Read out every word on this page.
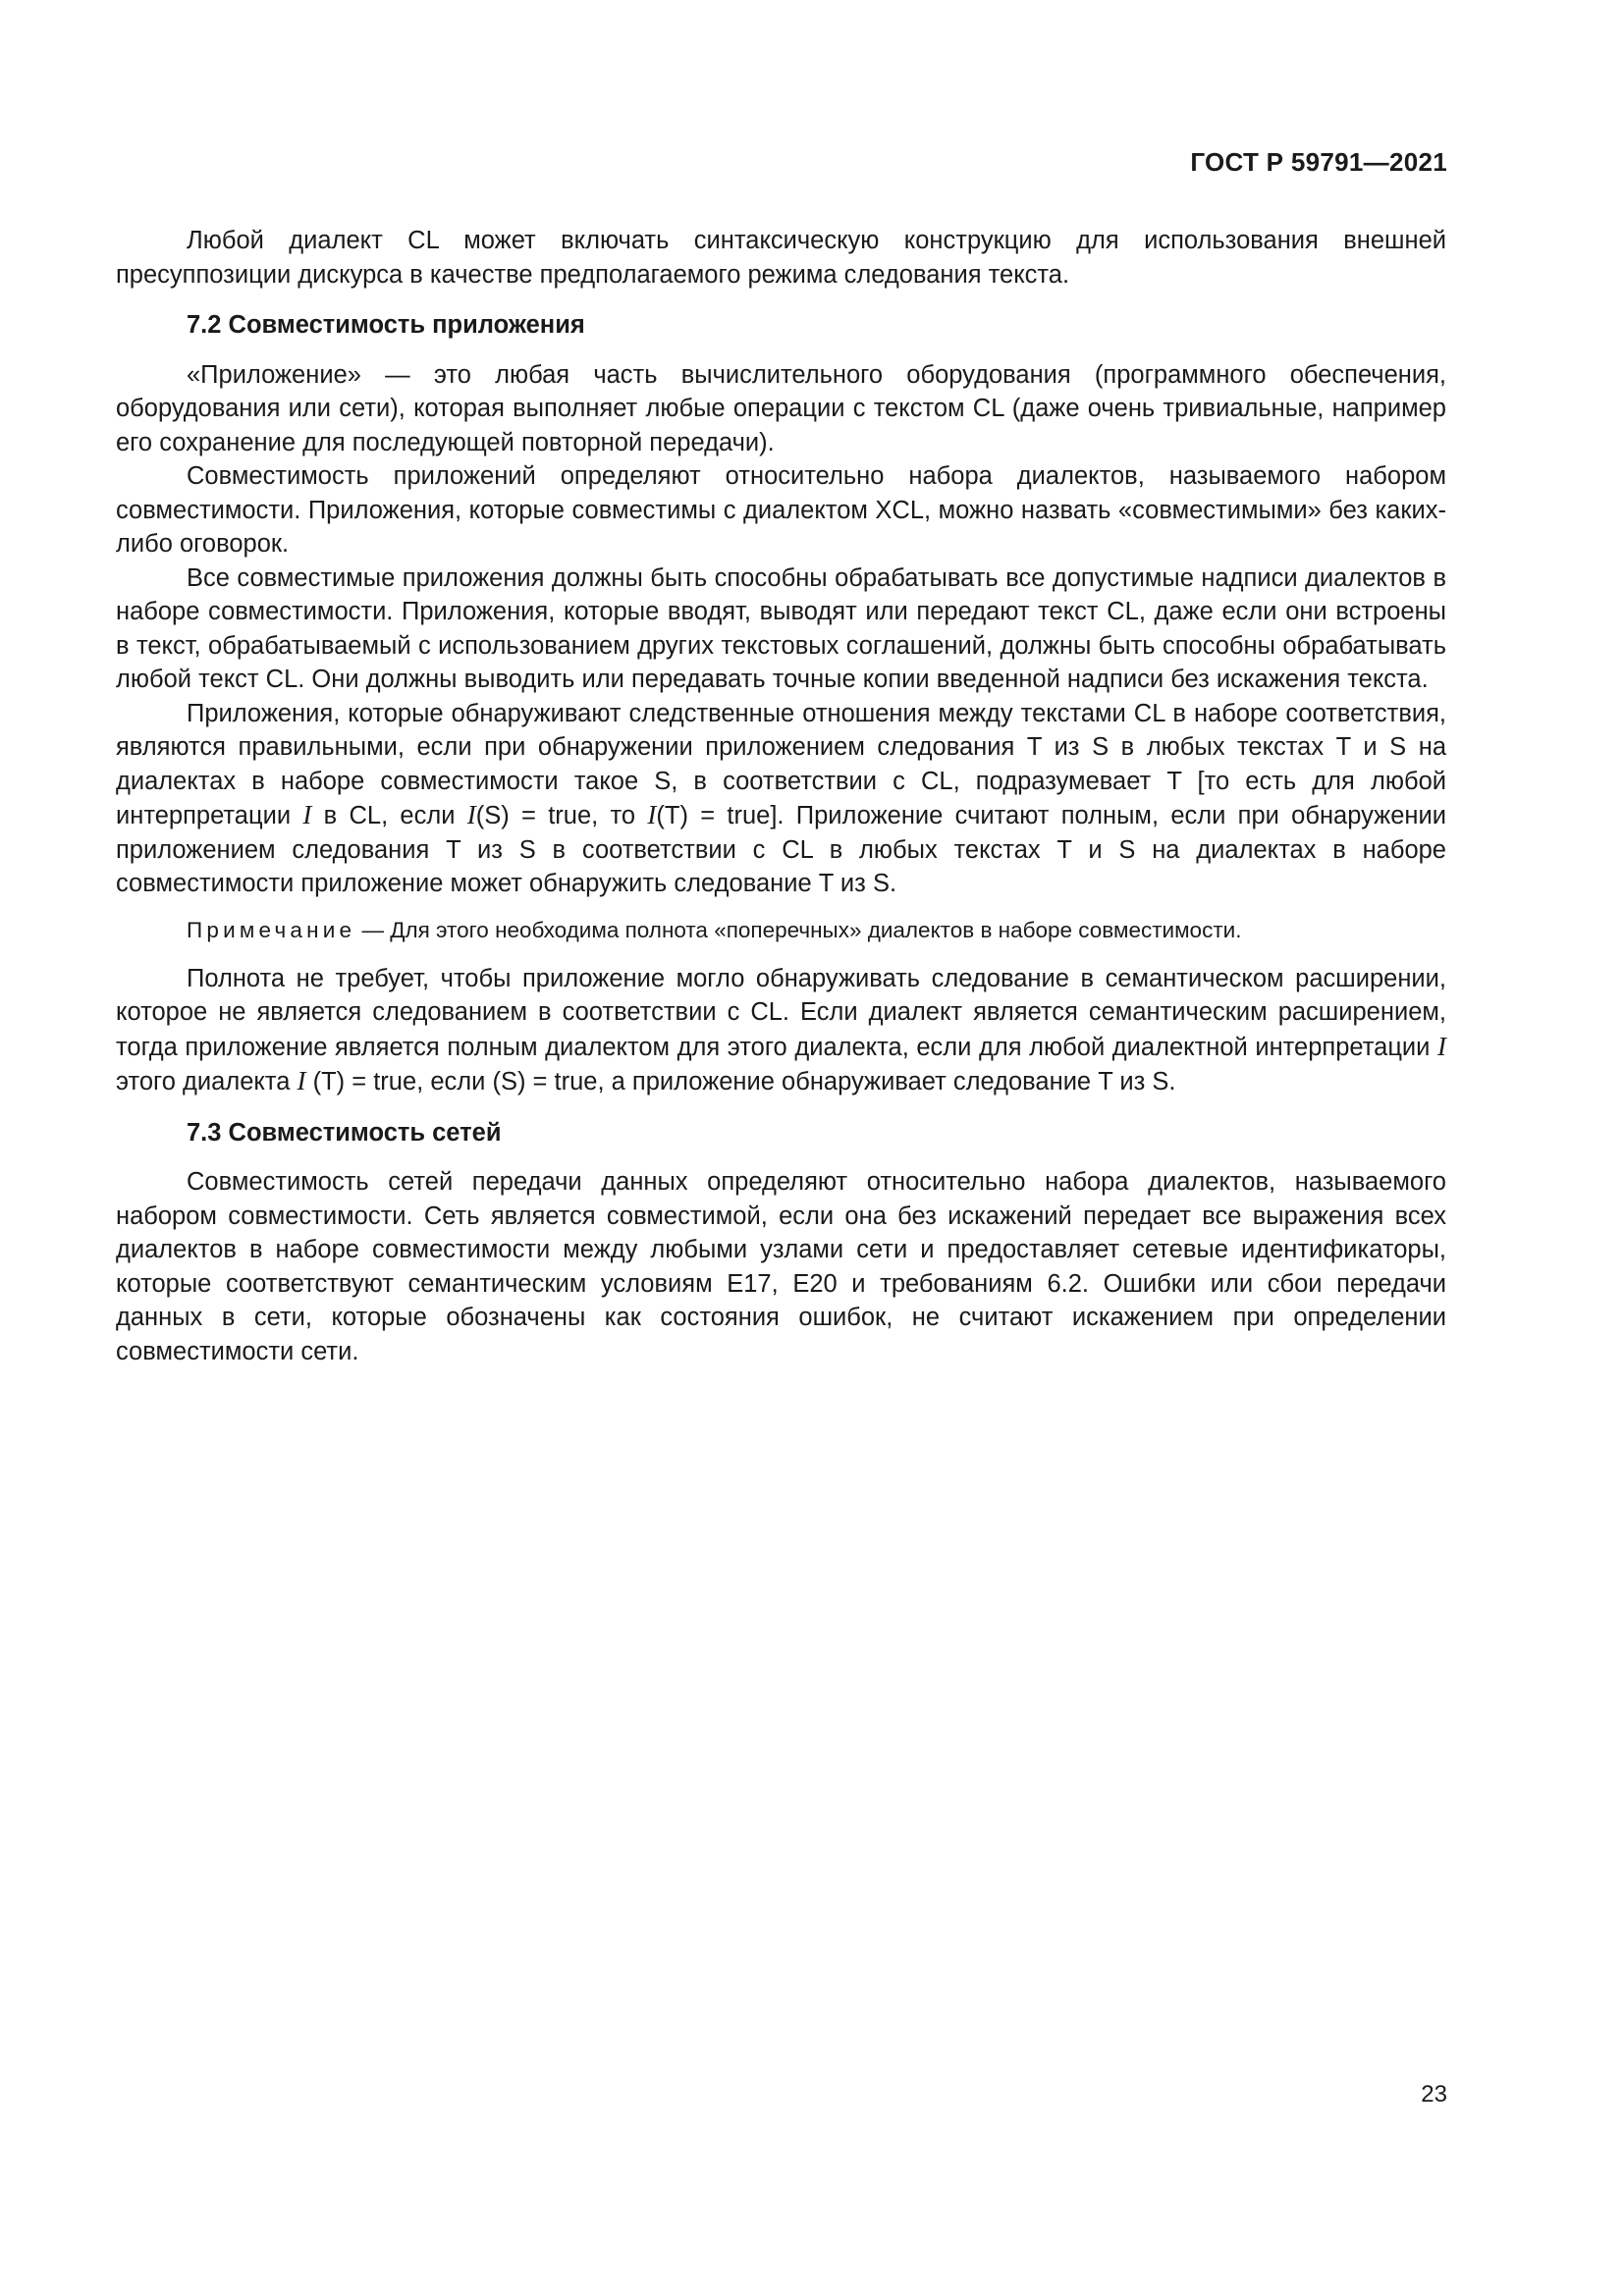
ГОСТ Р 59791—2021

Любой диалект CL может включать синтаксическую конструкцию для использования внешней пресуппозиции дискурса в качестве предполагаемого режима следования текста.

7.2 Совместимость приложения

«Приложение» — это любая часть вычислительного оборудования (программного обеспечения, оборудования или сети), которая выполняет любые операции с текстом CL (даже очень тривиальные, например его сохранение для последующей повторной передачи).

Совместимость приложений определяют относительно набора диалектов, называемого набором совместимости. Приложения, которые совместимы с диалектом XCL, можно назвать «совместимыми» без каких-либо оговорок.

Все совместимые приложения должны быть способны обрабатывать все допустимые надписи диалектов в наборе совместимости. Приложения, которые вводят, выводят или передают текст CL, даже если они встроены в текст, обрабатываемый с использованием других текстовых соглашений, должны быть способны обрабатывать любой текст CL. Они должны выводить или передавать точные копии введенной надписи без искажения текста.

Приложения, которые обнаруживают следственные отношения между текстами CL в наборе соответствия, являются правильными, если при обнаружении приложением следования T из S в любых текстах T и S на диалектах в наборе совместимости такое S, в соответствии с CL, подразумевает T [то есть для любой интерпретации I в CL, если I(S) = true, то I(T) = true]. Приложение считают полным, если при обнаружении приложением следования T из S в соответствии с CL в любых текстах T и S на диалектах в наборе совместимости приложение может обнаружить следование T из S.

Примечание — Для этого необходима полнота «поперечных» диалектов в наборе совместимости.

Полнота не требует, чтобы приложение могло обнаруживать следование в семантическом расширении, которое не является следованием в соответствии с CL. Если диалект является семантическим расширением, тогда приложение является полным диалектом для этого диалекта, если для любой диалектной интерпретации I этого диалекта I (T) = true, если (S) = true, а приложение обнаруживает следование T из S.

7.3 Совместимость сетей

Совместимость сетей передачи данных определяют относительно набора диалектов, называемого набором совместимости. Сеть является совместимой, если она без искажений передает все выражения всех диалектов в наборе совместимости между любыми узлами сети и предоставляет сетевые идентификаторы, которые соответствуют семантическим условиям E17, E20 и требованиям 6.2. Ошибки или сбои передачи данных в сети, которые обозначены как состояния ошибок, не считают искажением при определении совместимости сети.

23
